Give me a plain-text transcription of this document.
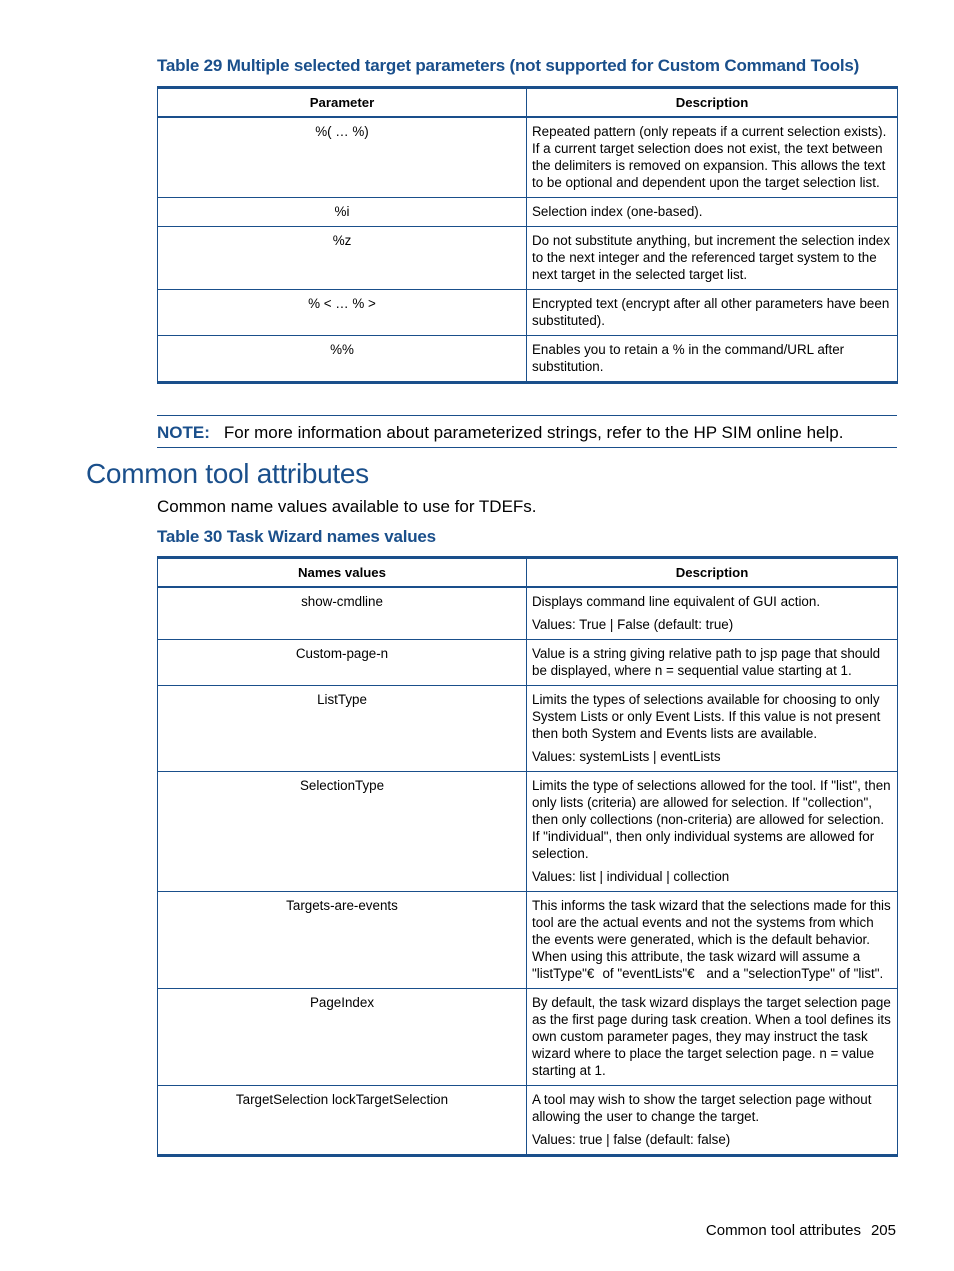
Table 29 Multiple selected target parameters (not supported for Custom Command Tools)
Parameter	Description
%( … %)	Repeated pattern (only repeats if a current selection exists). If a current target selection does not exist, the text between the delimiters is removed on expansion. This allows the text to be optional and dependent upon the target selection list.

%i	Selection index (one-based).

%z	Do not substitute anything, but increment the selection index to the next integer and the referenced target system to the next target in the selected target list.

% < … % >	Encrypted text (encrypt after all other parameters have been substituted).

%%	Enables you to retain a % in the command/URL after substitution.

NOTE: For more information about parameterized strings, refer to the HP SIM online help.
Common tool attributes
Common name values available to use for TDEFs.
Table 30 Task Wizard names values
Names values	Description
show-cmdline	Displays command line equivalent of GUI action.

Values: True | False (default: true)

Custom-page-n	Value is a string giving relative path to jsp page that should be displayed, where n = sequential value starting at 1.

ListType	Limits the types of selections available for choosing to only System Lists or only Event Lists. If this value is not present then both System and Events lists are available.

Values: systemLists | eventLists

SelectionType	Limits the type of selections allowed for the tool. If "list", then only lists (criteria) are allowed for selection. If "collection", then only collections (non-criteria) are allowed for selection. If "individual", then only individual systems are allowed for selection.

Values: list | individual | collection

Targets-are-events	This informs the task wizard that the selections made for this tool are the actual events and not the systems from which the events were generated, which is the default behavior. When using this attribute, the task wizard will assume a "listType"€of "eventLists"€ and a "selectionType" of "list".

PageIndex	By default, the task wizard displays the target selection page as the first page during task creation. When a tool defines its own custom parameter pages, they may instruct the task wizard where to place the target selection page. n = value starting at 1.

TargetSelection lockTargetSelection	A tool may wish to show the target selection page without allowing the user to change the target.

Values: true | false (default: false)

Common tool attributes 205
